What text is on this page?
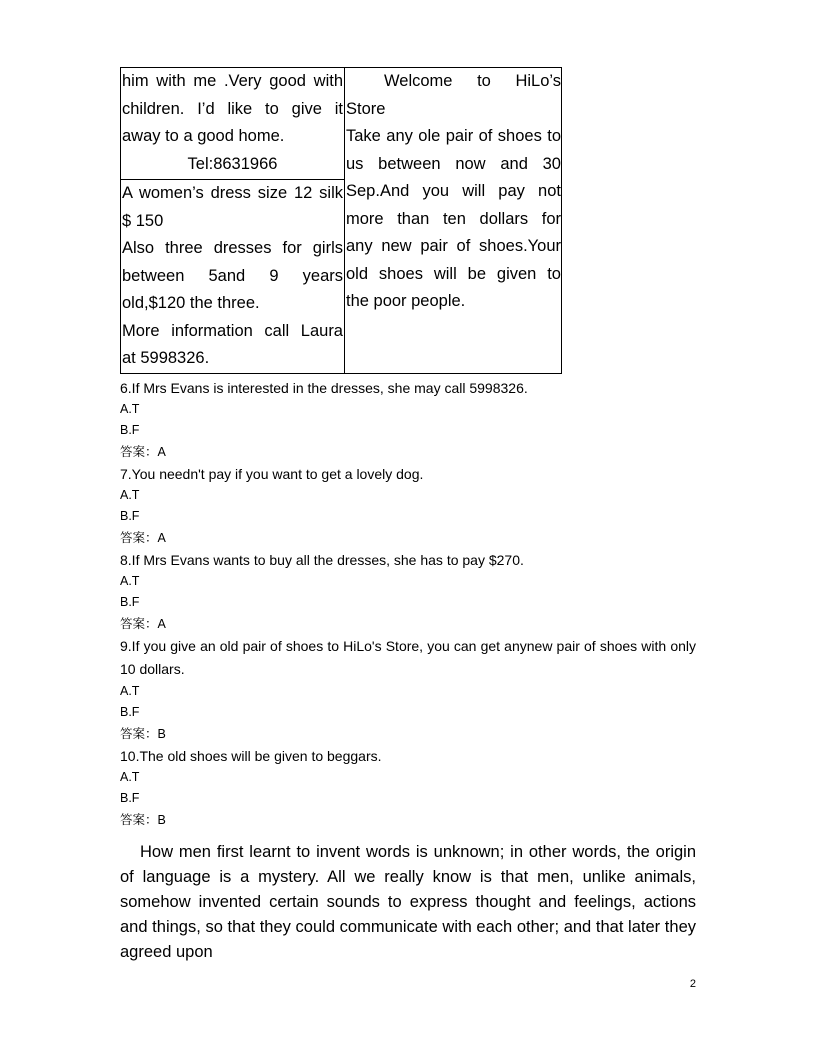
him with me .Very good with

children. I’d like to give it

away to a good home.

Tel:8631966

A women’s dress size 12 silk

$ 150

Also three dresses for girls

between 5and 9 years

old,$120 the three.

More information call Laura

at 5998326.

Welcome to HiLo’s

Store

Take any ole pair of shoes to

us between now and 30

Sep.And you will pay not

more than ten dollars for

any new pair of shoes.Your

old shoes will be given to

the poor people.

6.If Mrs Evans is interested in the dresses, she may call 5998326.

A.T

B.F

答案：A

7.You needn't pay if you want to get a lovely dog.

A.T

B.F

答案：A

8.If Mrs Evans wants to buy all the dresses, she has to pay $270.

A.T

B.F

答案：A

9.If you give an old pair of shoes to HiLo's Store, you can get anynew pair of shoes with only 10 dollars.

A.T

B.F

答案：B

10.The old shoes will be given to beggars.

A.T

B.F

答案：B

How men first learnt to invent words is unknown; in other words, the origin of language is a mystery. All we really know is that men, unlike animals, somehow invented certain sounds to express thought and feelings, actions and things, so that they could communicate with each other; and that later they agreed upon

2
